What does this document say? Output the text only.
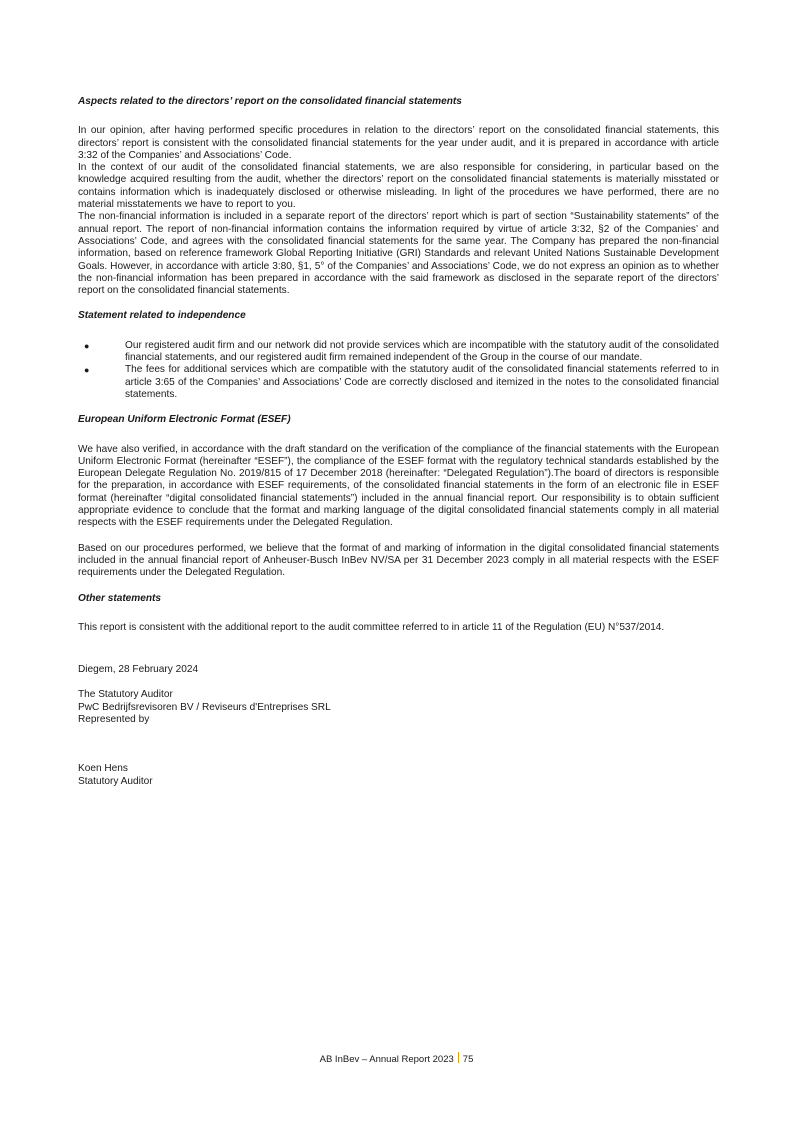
Aspects related to the directors’ report on the consolidated financial statements

In our opinion, after having performed specific procedures in relation to the directors’ report on the consolidated financial statements, this directors’ report is consistent with the consolidated financial statements for the year under audit, and it is prepared in accordance with article 3:32 of the Companies’ and Associations’ Code.

In the context of our audit of the consolidated financial statements, we are also responsible for considering, in particular based on the knowledge acquired resulting from the audit, whether the directors’ report on the consolidated financial statements is materially misstated or contains information which is inadequately disclosed or otherwise misleading. In light of the procedures we have performed, there are no material misstatements we have to report to you.

The non-financial information is included in a separate report of the directors’ report which is part of section “Sustainability statements” of the annual report. The report of non-financial information contains the information required by virtue of article 3:32, §2 of the Companies’ and Associations’ Code, and agrees with the consolidated financial statements for the same year. The Company has prepared the non-financial information, based on reference framework Global Reporting Initiative (GRI) Standards and relevant United Nations Sustainable Development Goals. However, in accordance with article 3:80, §1, 5° of the Companies’ and Associations’ Code, we do not express an opinion as to whether the non-financial information has been prepared in accordance with the said framework as disclosed in the separate report of the directors’ report on the consolidated financial statements.

Statement related to independence

●	Our registered audit firm and our network did not provide services which are incompatible with the statutory audit of the consolidated financial statements, and our registered audit firm remained independent of the Group in the course of our mandate.
●	The fees for additional services which are compatible with the statutory audit of the consolidated financial statements referred to in article 3:65 of the Companies’ and Associations’ Code are correctly disclosed and itemized in the notes to the consolidated financial statements.

European Uniform Electronic Format (ESEF)

We have also verified, in accordance with the draft standard on the verification of the compliance of the financial statements with the European Uniform Electronic Format (hereinafter “ESEF”), the compliance of the ESEF format with the regulatory technical standards established by the European Delegate Regulation No. 2019/815 of 17 December 2018 (hereinafter: “Delegated Regulation”).The board of directors is responsible for the preparation, in accordance with ESEF requirements, of the consolidated financial statements in the form of an electronic file in ESEF format (hereinafter “digital consolidated financial statements”) included in the annual financial report. Our responsibility is to obtain sufficient appropriate evidence to conclude that the format and marking language of the digital consolidated financial statements comply in all material respects with the ESEF requirements under the Delegated Regulation.

Based on our procedures performed, we believe that the format of and marking of information in the digital consolidated financial statements included in the annual financial report of Anheuser-Busch InBev NV/SA per 31 December 2023 comply in all material respects with the ESEF requirements under the Delegated Regulation.

Other statements

This report is consistent with the additional report to the audit committee referred to in article 11 of the Regulation (EU) N°537/2014.

Diegem, 28 February 2024

The Statutory Auditor

PwC Bedrijfsrevisoren BV / Reviseurs d'Entreprises SRL

Represented by

Koen Hens

Statutory Auditor

AB InBev – Annual Report 2023 75
